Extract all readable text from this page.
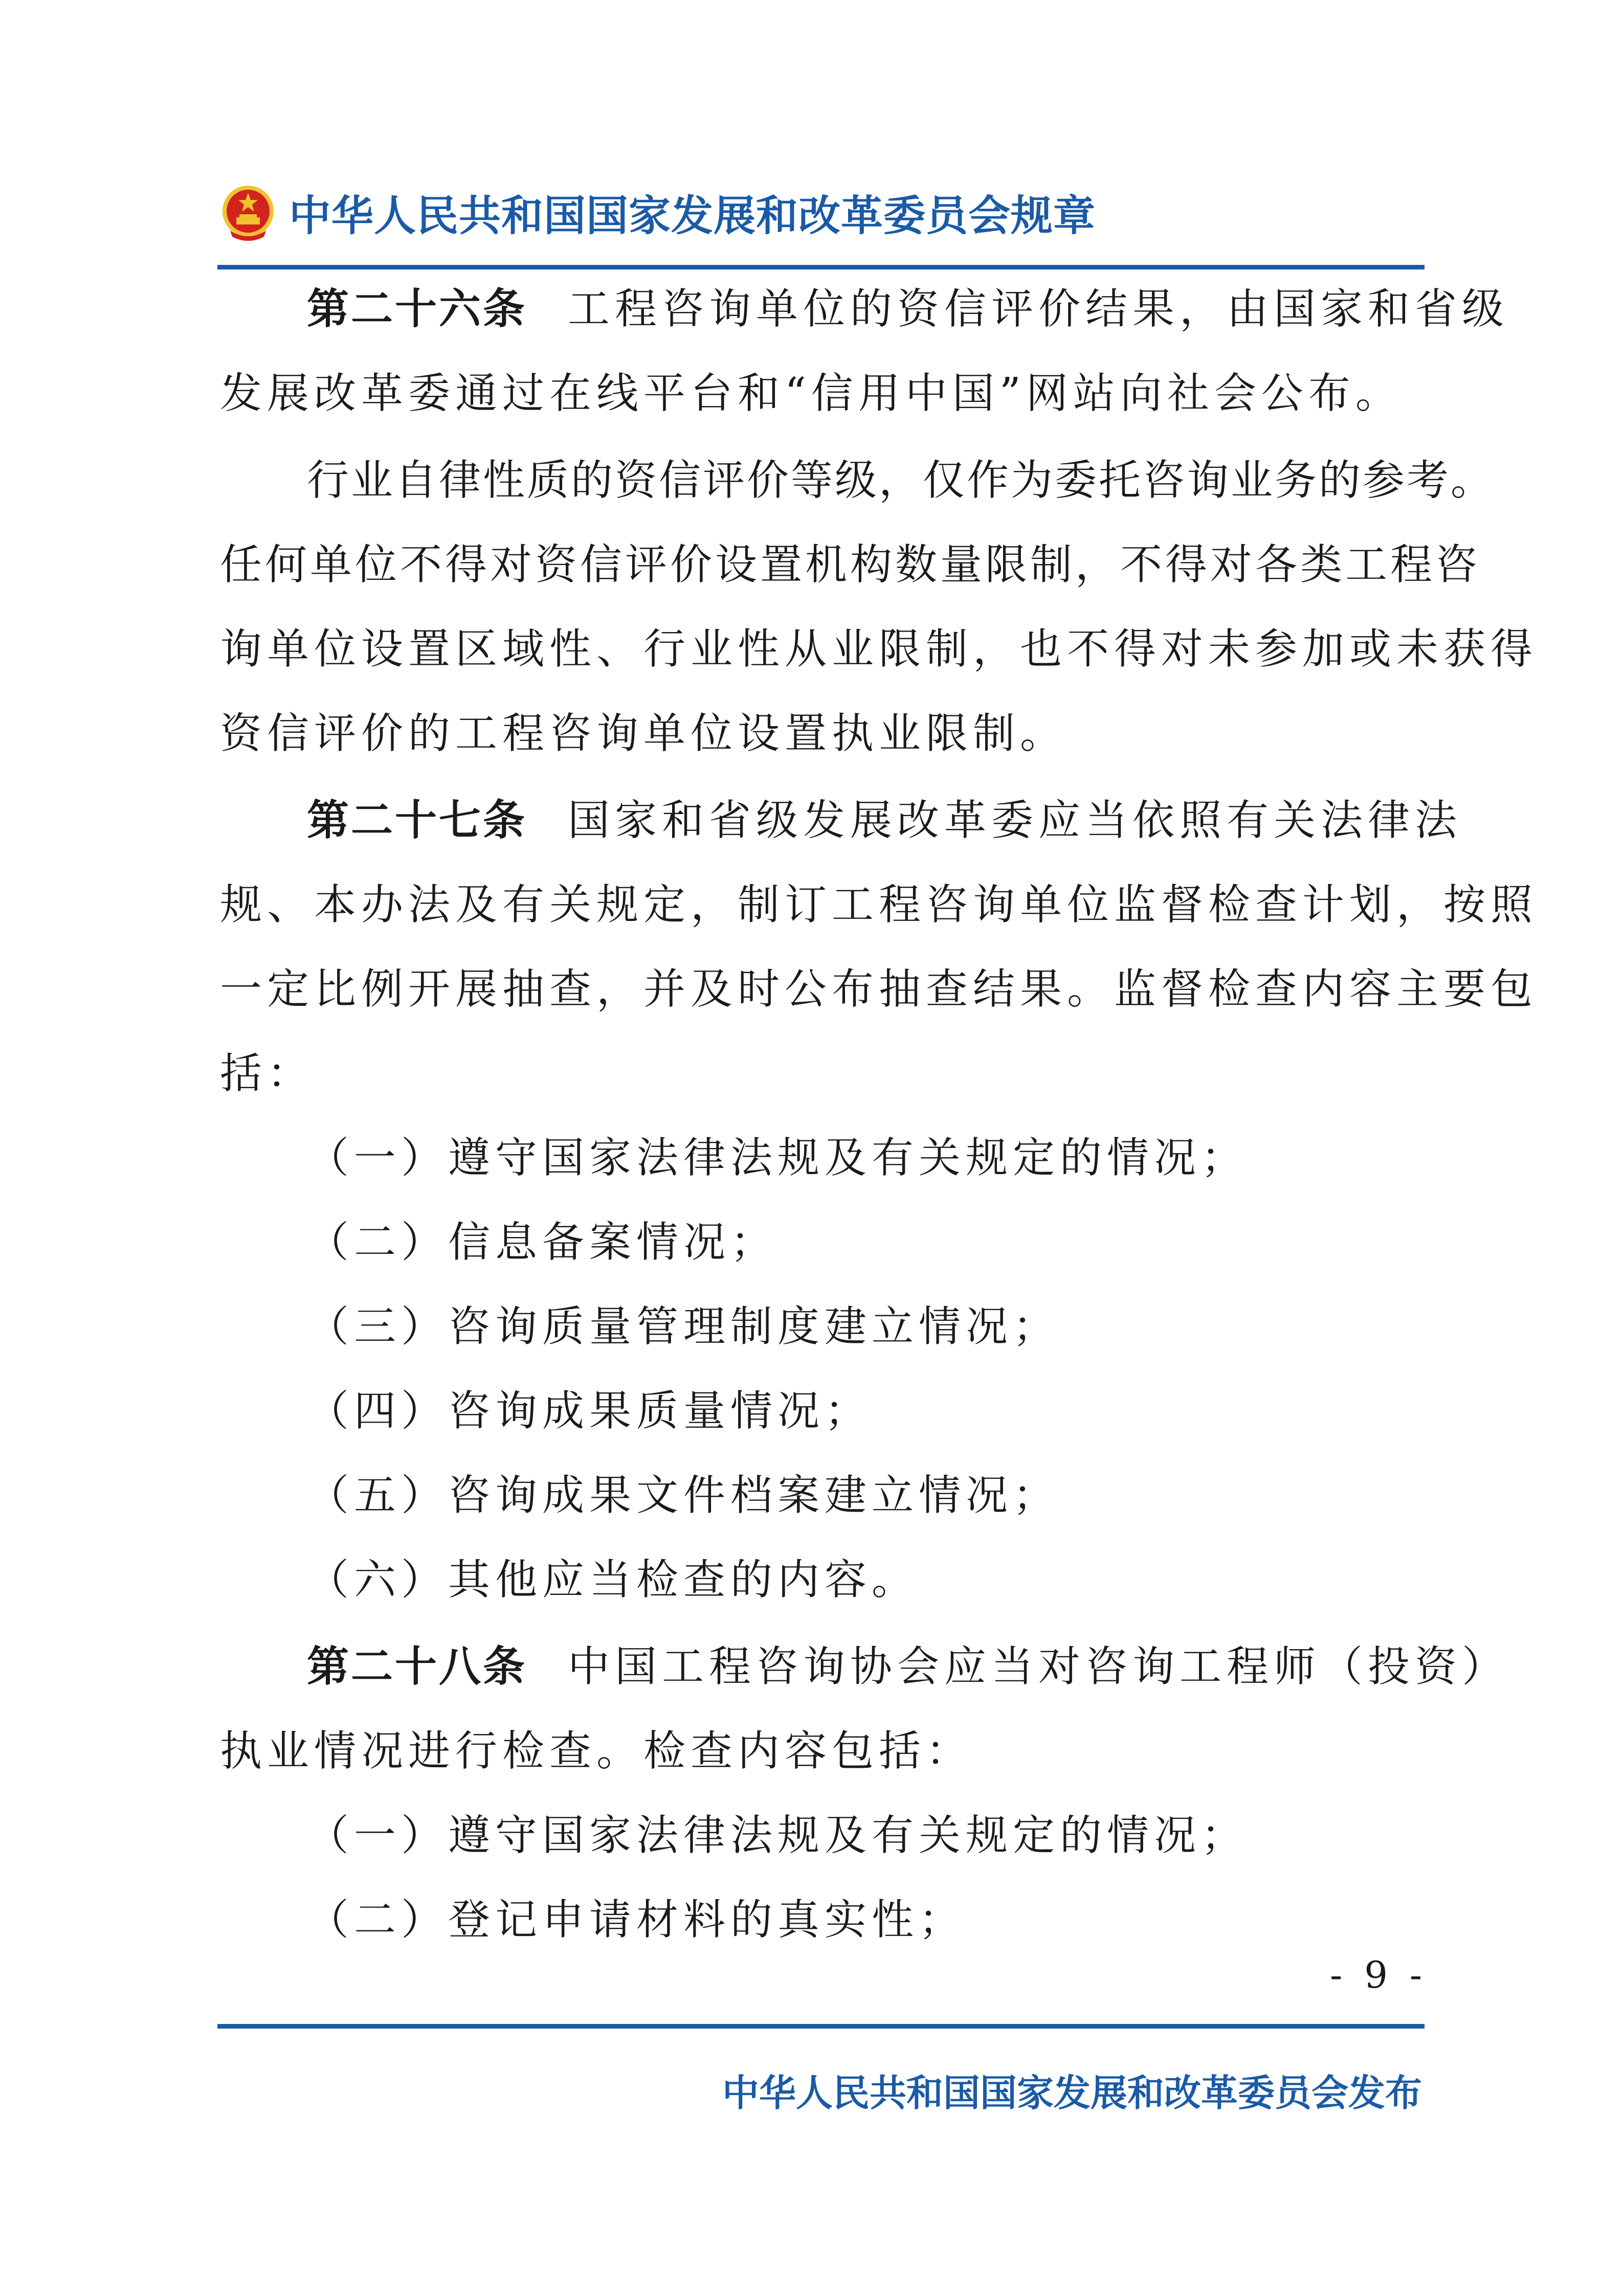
中华人民共和国国家发展和改革委员会规章
第二十六条 工程咨询单位的资信评价结果，由国家和省级
发展改革委通过在线平台和“信用中国”网站向社会公布。
行业自律性质的资信评价等级，仅作为委托咨询业务的参考。
任何单位不得对资信评价设置机构数量限制，不得对各类工程咨
询单位设置区域性、行业性从业限制，也不得对未参加或未获得
资信评价的工程咨询单位设置执业限制。
第二十七条 国家和省级发展改革委应当依照有关法律法
规、本办法及有关规定，制订工程咨询单位监督检查计划，按照
一定比例开展抽查，并及时公布抽查结果。监督检查内容主要包
括：
（一）遵守国家法律法规及有关规定的情况；
（二）信息备案情况；
（三）咨询质量管理制度建立情况；
（四）咨询成果质量情况；
（五）咨询成果文件档案建立情况；
（六）其他应当检查的内容。
第二十八条 中国工程咨询协会应当对咨询工程师（投资）
执业情况进行检查。检查内容包括：
（一）遵守国家法律法规及有关规定的情况；
（二）登记申请材料的真实性；
- 9 -
中华人民共和国国家发展和改革委员会发布
